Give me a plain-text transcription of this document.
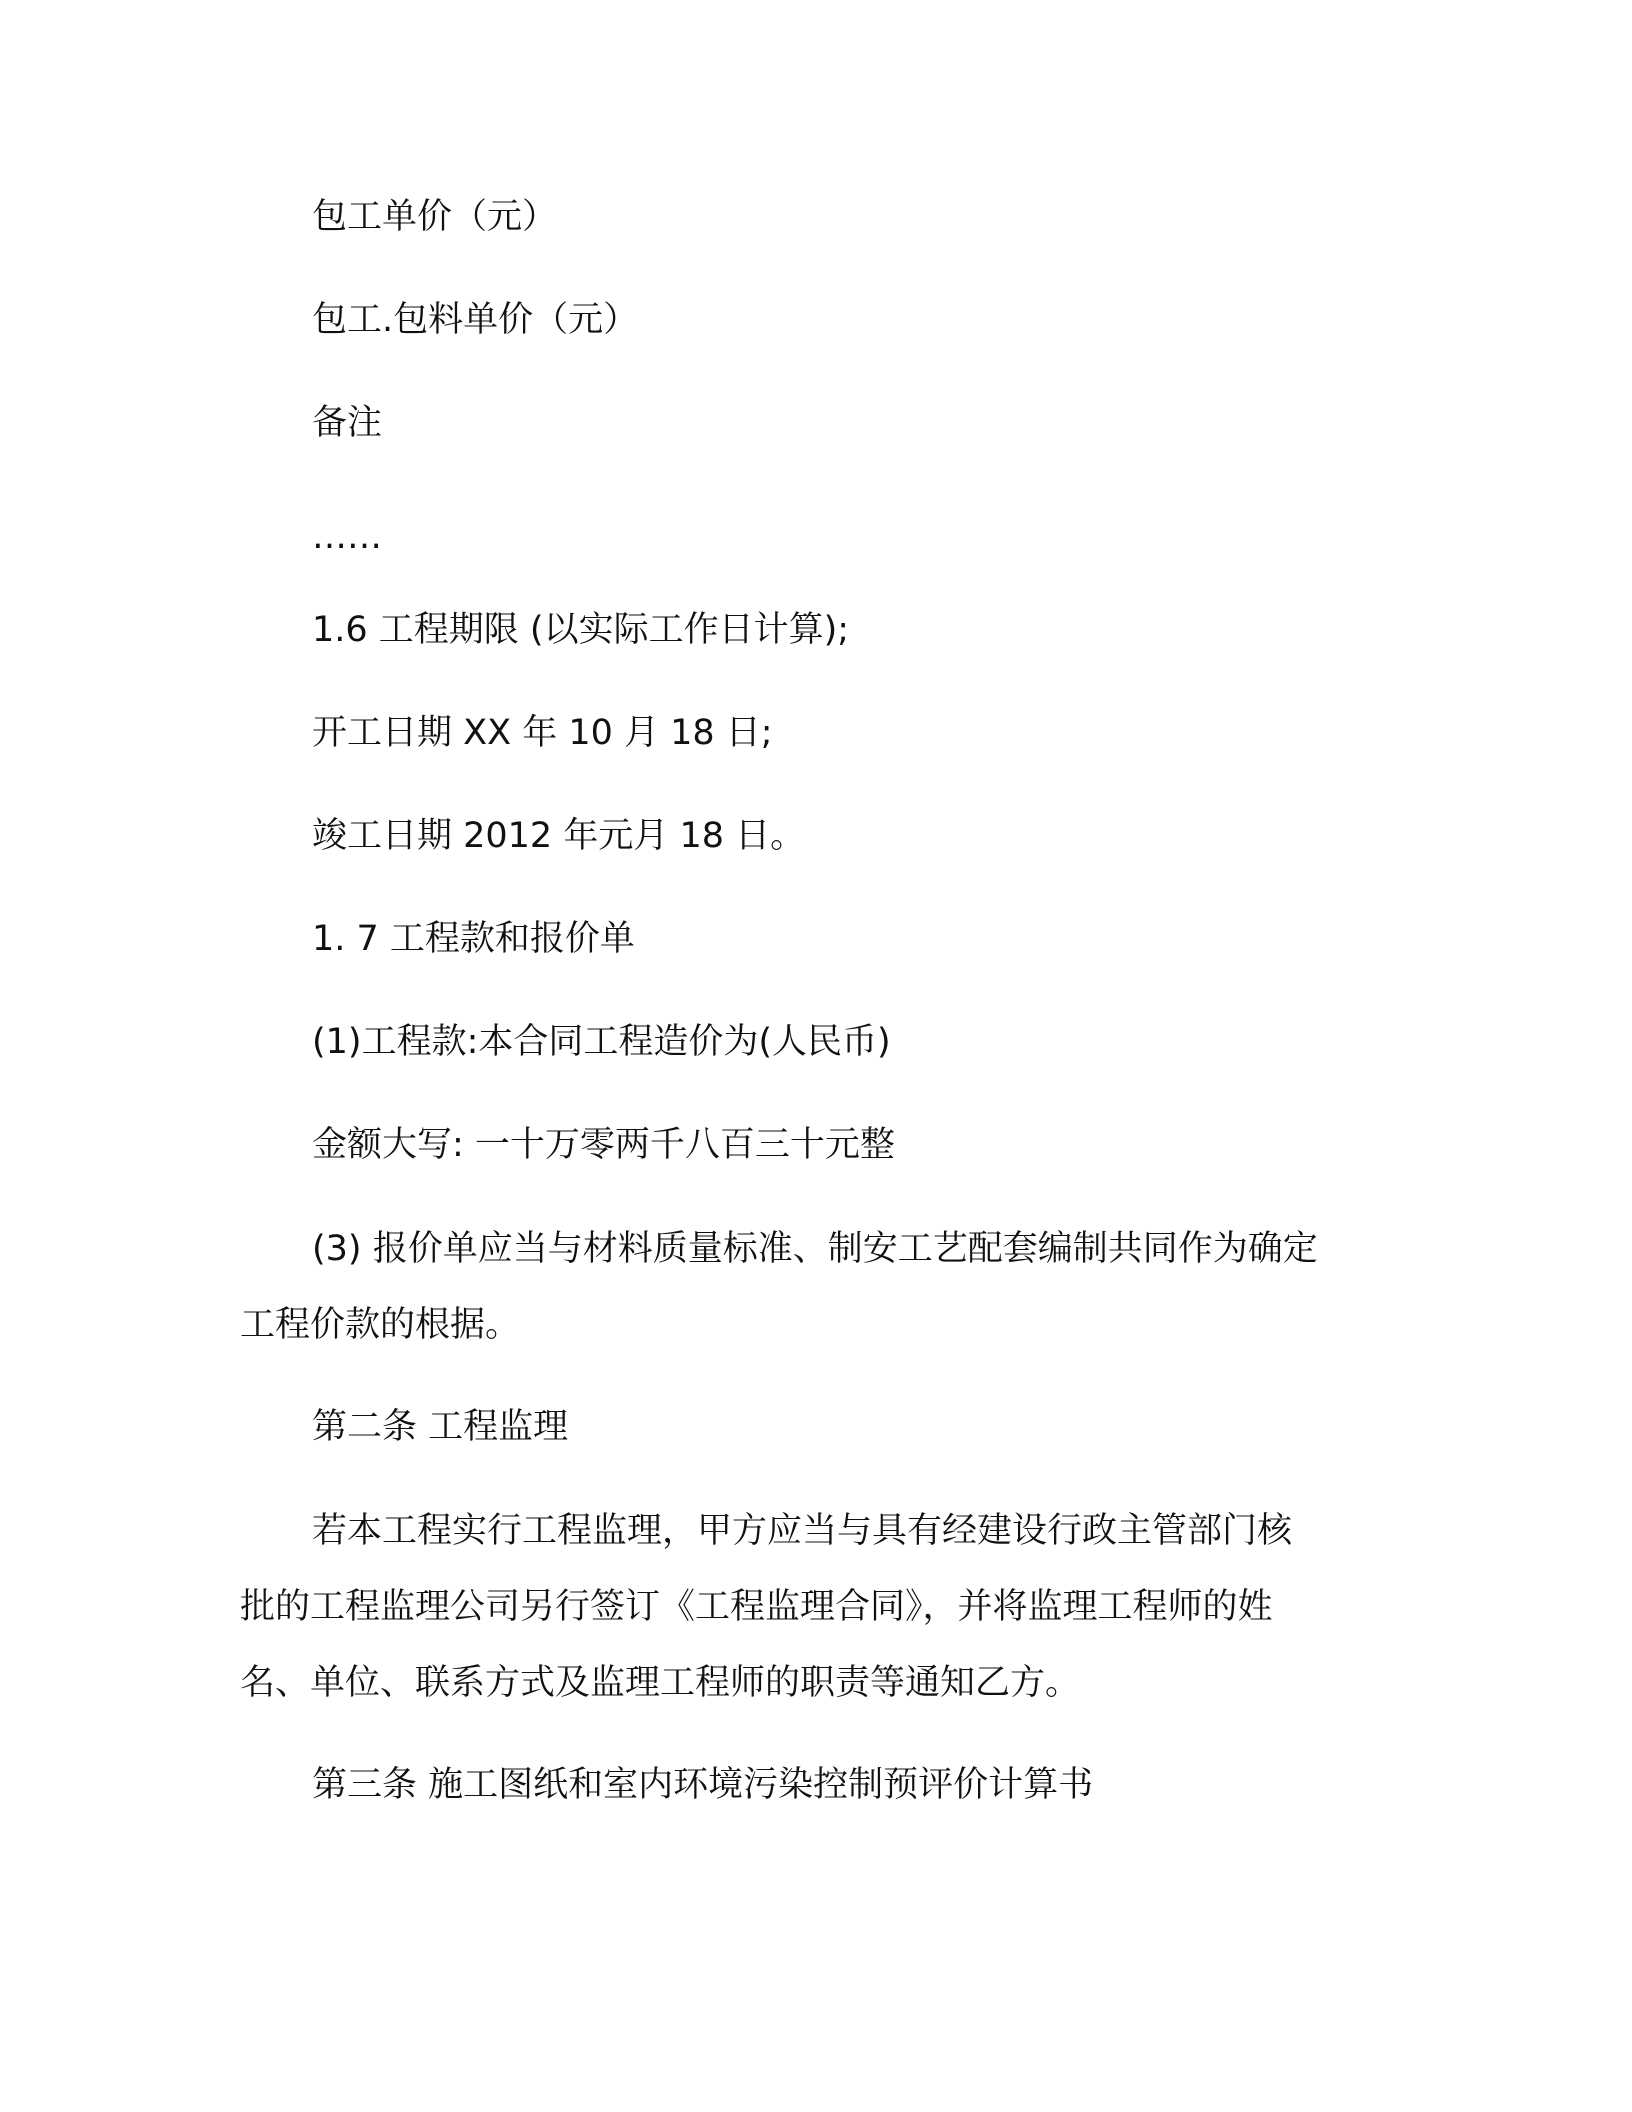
包工单价（元）
包工.包料单价（元）
备注
……
1.6 工程期限 (以实际工作日计算);
开工日期 XX 年 10 月 18 日;
竣工日期 2012 年元月 18 日。
1. 7 工程款和报价单
(1)工程款:本合同工程造价为(人民币)
金额大写: 一十万零两千八百三十元整
(3) 报价单应当与材料质量标准、制安工艺配套编制共同作为确定
工程价款的根据。
第二条 工程监理
若本工程实行工程监理，甲方应当与具有经建设行政主管部门核
批的工程监理公司另行签订《工程监理合同》，并将监理工程师的姓
名、单位、联系方式及监理工程师的职责等通知乙方。
第三条 施工图纸和室内环境污染控制预评价计算书
